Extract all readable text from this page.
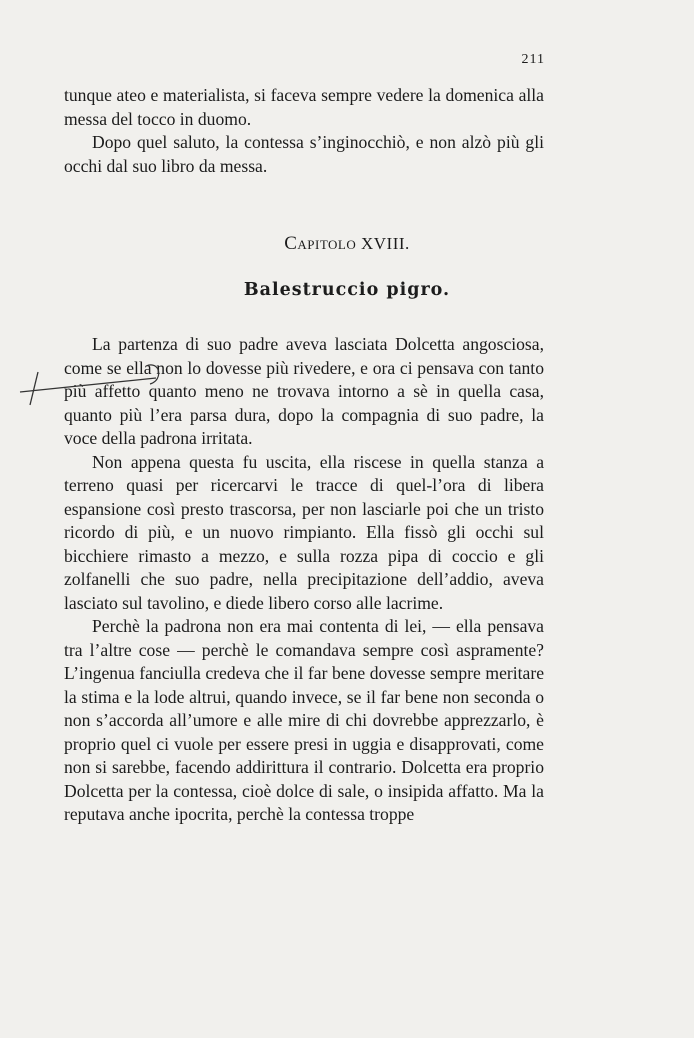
211

tunque ateo e materialista, si faceva sempre vedere la domenica alla messa del tocco in duomo.

Dopo quel saluto, la contessa s’inginocchiò, e non alzò più gli occhi dal suo libro da messa.

CAPITOLO XVIII.
Balestruccio pigro.

La partenza di suo padre aveva lasciata Dolcetta angosciosa, come se ella non lo dovesse più rivedere, e ora ci pensava con tanto più affetto quanto meno ne trovava intorno a sè in quella casa, quanto più l’era parsa dura, dopo la compagnia di suo padre, la voce della padrona irritata.

Non appena questa fu uscita, ella riscese in quella stanza a terreno quasi per ricercarvi le tracce di quel-l’ora di libera espansione così presto trascorsa, per non lasciarle poi che un tristo ricordo di più, e un nuovo rimpianto. Ella fissò gli occhi sul bicchiere rimasto a mezzo, e sulla rozza pipa di coccio e gli zolfanelli che suo padre, nella precipitazione dell’addio, aveva lasciato sul tavolino, e diede libero corso alle lacrime.

Perchè la padrona non era mai contenta di lei, — ella pensava tra l’altre cose — perchè le comandava sempre così aspramente? L’ingenua fanciulla credeva che il far bene dovesse sempre meritare la stima e la lode altrui, quando invece, se il far bene non seconda o non s’accorda all’umore e alle mire di chi dovrebbe apprezzarlo, è proprio quel ci vuole per essere presi in uggia e disapprovati, come non si sarebbe, facendo addirittura il contrario. Dolcetta era proprio Dolcetta per la contessa, cioè dolce di sale, o insipida affatto. Ma la reputava anche ipocrita, perchè la contessa troppe
